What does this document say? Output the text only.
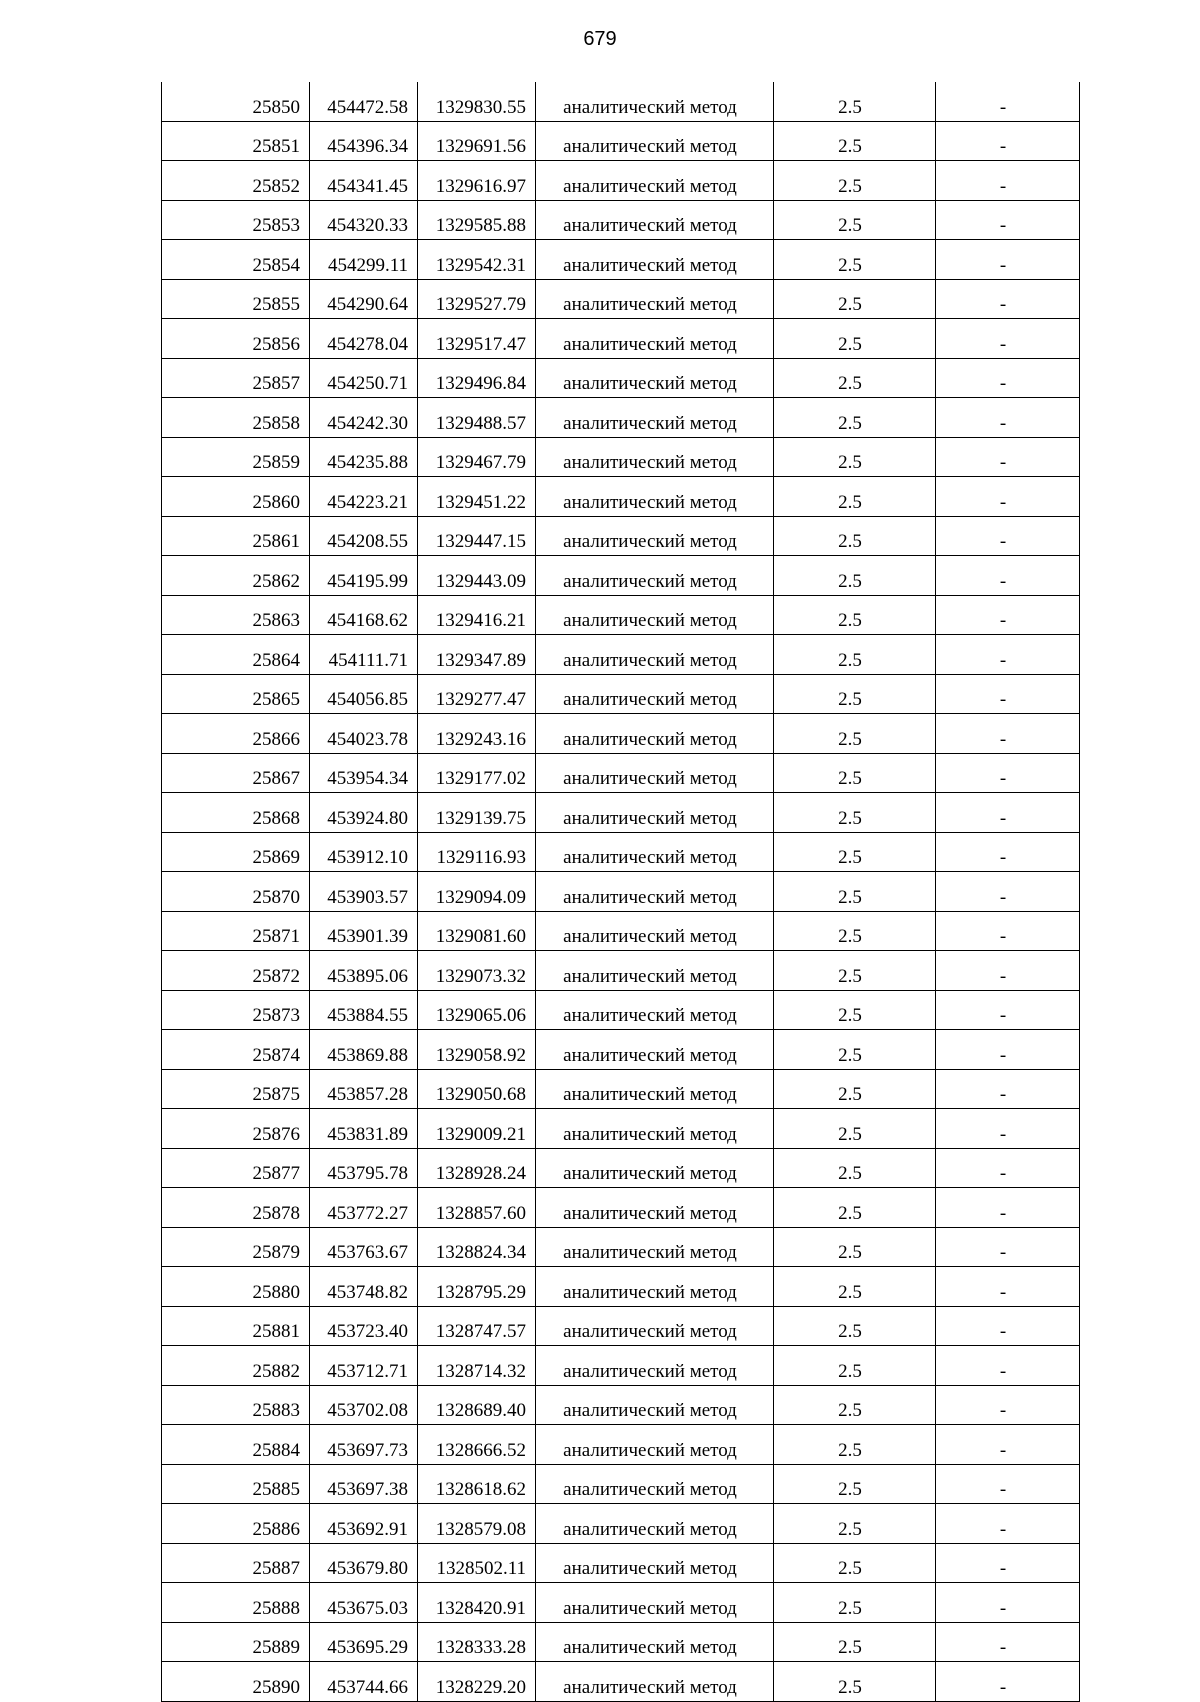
679
25850	454472.58	1329830.55	аналитический метод	2.5	-
25851	454396.34	1329691.56	аналитический метод	2.5	-
25852	454341.45	1329616.97	аналитический метод	2.5	-
25853	454320.33	1329585.88	аналитический метод	2.5	-
25854	454299.11	1329542.31	аналитический метод	2.5	-
25855	454290.64	1329527.79	аналитический метод	2.5	-
25856	454278.04	1329517.47	аналитический метод	2.5	-
25857	454250.71	1329496.84	аналитический метод	2.5	-
25858	454242.30	1329488.57	аналитический метод	2.5	-
25859	454235.88	1329467.79	аналитический метод	2.5	-
25860	454223.21	1329451.22	аналитический метод	2.5	-
25861	454208.55	1329447.15	аналитический метод	2.5	-
25862	454195.99	1329443.09	аналитический метод	2.5	-
25863	454168.62	1329416.21	аналитический метод	2.5	-
25864	454111.71	1329347.89	аналитический метод	2.5	-
25865	454056.85	1329277.47	аналитический метод	2.5	-
25866	454023.78	1329243.16	аналитический метод	2.5	-
25867	453954.34	1329177.02	аналитический метод	2.5	-
25868	453924.80	1329139.75	аналитический метод	2.5	-
25869	453912.10	1329116.93	аналитический метод	2.5	-
25870	453903.57	1329094.09	аналитический метод	2.5	-
25871	453901.39	1329081.60	аналитический метод	2.5	-
25872	453895.06	1329073.32	аналитический метод	2.5	-
25873	453884.55	1329065.06	аналитический метод	2.5	-
25874	453869.88	1329058.92	аналитический метод	2.5	-
25875	453857.28	1329050.68	аналитический метод	2.5	-
25876	453831.89	1329009.21	аналитический метод	2.5	-
25877	453795.78	1328928.24	аналитический метод	2.5	-
25878	453772.27	1328857.60	аналитический метод	2.5	-
25879	453763.67	1328824.34	аналитический метод	2.5	-
25880	453748.82	1328795.29	аналитический метод	2.5	-
25881	453723.40	1328747.57	аналитический метод	2.5	-
25882	453712.71	1328714.32	аналитический метод	2.5	-
25883	453702.08	1328689.40	аналитический метод	2.5	-
25884	453697.73	1328666.52	аналитический метод	2.5	-
25885	453697.38	1328618.62	аналитический метод	2.5	-
25886	453692.91	1328579.08	аналитический метод	2.5	-
25887	453679.80	1328502.11	аналитический метод	2.5	-
25888	453675.03	1328420.91	аналитический метод	2.5	-
25889	453695.29	1328333.28	аналитический метод	2.5	-
25890	453744.66	1328229.20	аналитический метод	2.5	-
